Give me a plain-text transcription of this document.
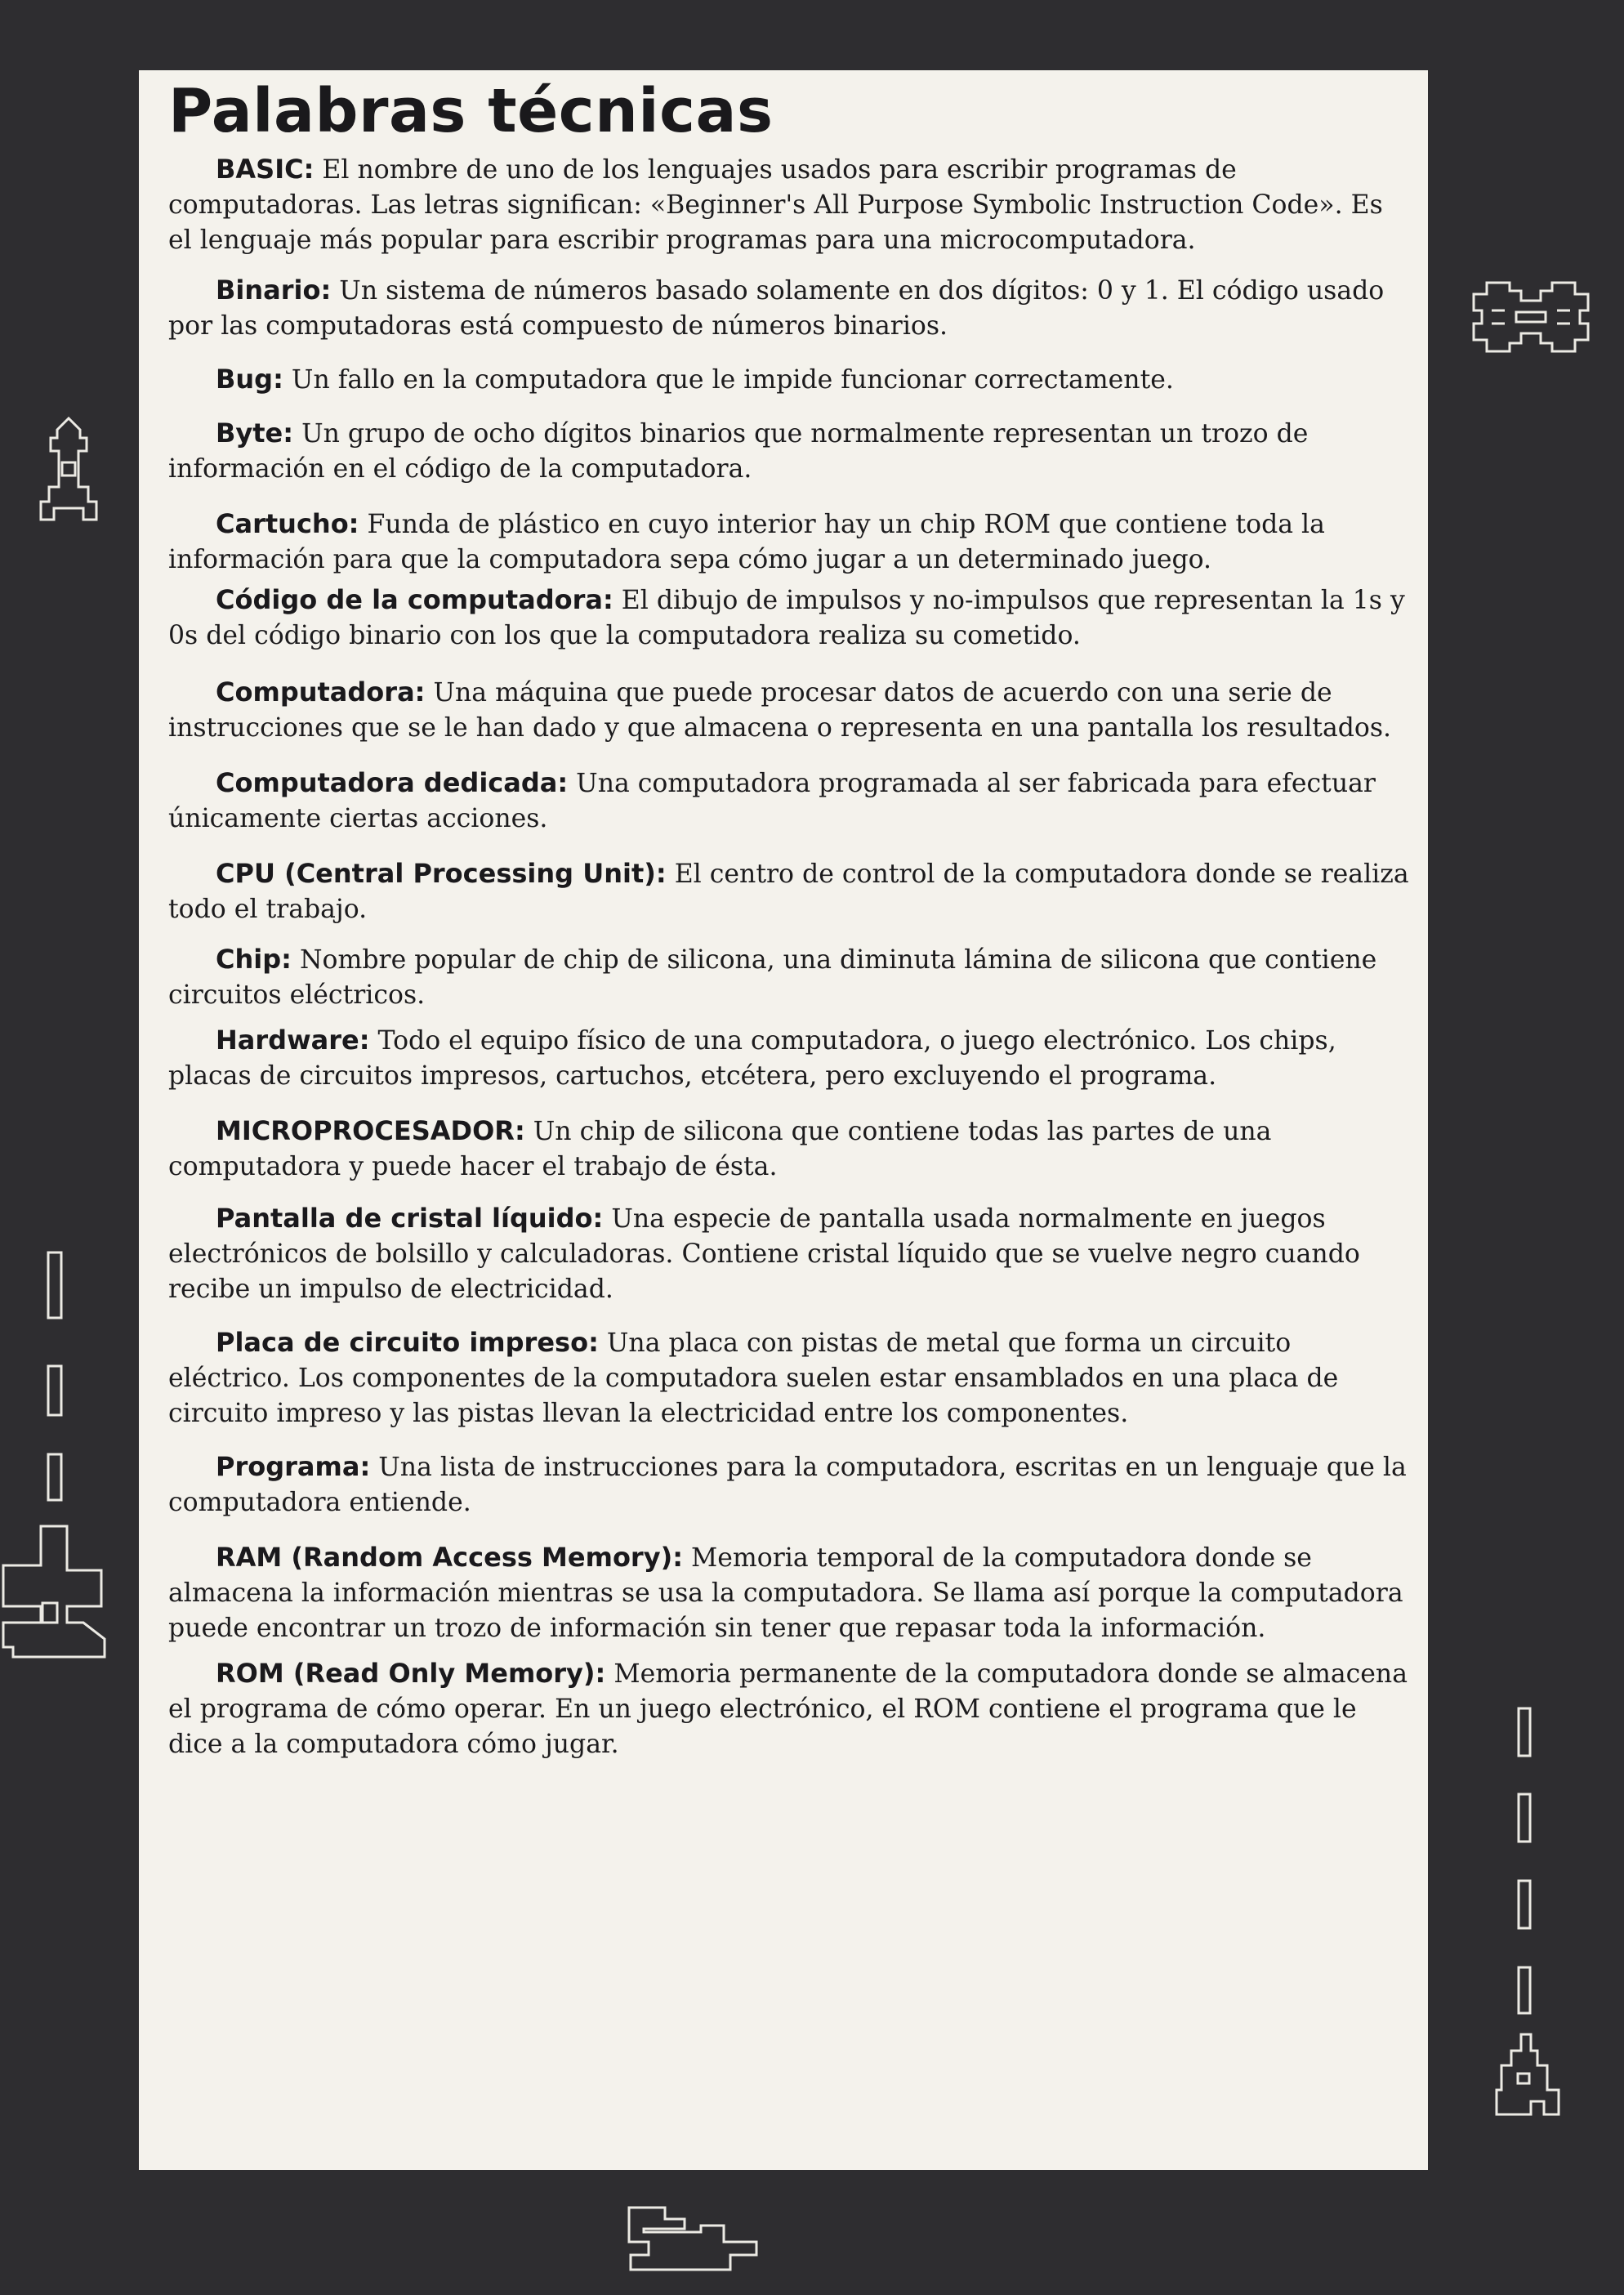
Palabras técnicas

BASIC: El nombre de uno de los lenguajes usados para escribir programas de computadoras. Las letras significan: «Beginner's All Purpose Symbolic Instruction Code». Es el lenguaje más popular para escribir programas para una microcomputadora.

Binario: Un sistema de números basado solamente en dos dígitos: 0 y 1. El código usado por las computadoras está compuesto de números binarios.

Bug: Un fallo en la computadora que le impide funcionar correctamente.

Byte: Un grupo de ocho dígitos binarios que normalmente representan un trozo de información en el código de la computadora.

Cartucho: Funda de plástico en cuyo interior hay un chip ROM que contiene toda la información para que la computadora sepa cómo jugar a un determinado juego.

Código de la computadora: El dibujo de impulsos y no-impulsos que representan la 1s y 0s del código binario con los que la computadora realiza su cometido.

Computadora: Una máquina que puede procesar datos de acuerdo con una serie de instrucciones que se le han dado y que almacena o representa en una pantalla los resultados.

Computadora dedicada: Una computadora programada al ser fabricada para efectuar únicamente ciertas acciones.

CPU (Central Processing Unit): El centro de control de la computadora donde se realiza todo el trabajo.

Chip: Nombre popular de chip de silicona, una diminuta lámina de silicona que contiene circuitos eléctricos.

Hardware: Todo el equipo físico de una computadora, o juego electrónico. Los chips, placas de circuitos impresos, cartuchos, etcétera, pero excluyendo el programa.

MICROPROCESADOR: Un chip de silicona que contiene todas las partes de una computadora y puede hacer el trabajo de ésta.

Pantalla de cristal líquido: Una especie de pantalla usada normalmente en juegos electrónicos de bolsillo y calculadoras. Contiene cristal líquido que se vuelve negro cuando recibe un impulso de electricidad.

Placa de circuito impreso: Una placa con pistas de metal que forma un circuito eléctrico. Los componentes de la computadora suelen estar ensamblados en una placa de circuito impreso y las pistas llevan la electricidad entre los componentes.

Programa: Una lista de instrucciones para la computadora, escritas en un lenguaje que la computadora entiende.

RAM (Random Access Memory): Memoria temporal de la computadora donde se almacena la información mientras se usa la computadora. Se llama así porque la computadora puede encontrar un trozo de información sin tener que repasar toda la información.

ROM (Read Only Memory): Memoria permanente de la computadora donde se almacena el programa de cómo operar. En un juego electrónico, el ROM contiene el programa que le dice a la computadora cómo jugar.
